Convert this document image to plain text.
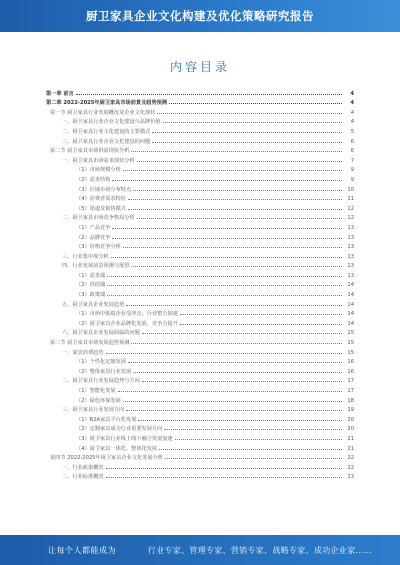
厨卫家具企业文化构建及优化策略研究报告
内容目录
第一章 前言	4
第二章 2022-2025年厨卫家具市场前景及趋势预测	4
第一节 厨卫家具行业发展概况及企业文化现状	4
一、厨卫家具行业企业文化建设与品牌价值	4
二、厨卫家具行业文化建设的主要模式	5
三、厨卫家具行业企业文化建设的问题	6
第二节 厨卫家具市场供需现状分析	6
一、厨卫家具市场需求现状分析	7
（1）市场规模分析	9
（2）需求结构	9
（3）区域市场分布特点	10
（4）消费者需求特征	11
（5）渠道及销售模式	12
二、厨卫家具市场竞争格局分析	12
（1）产品竞争	13
（2）品牌竞争	13
（3）价格竞争分析	13
三、行业集中度分析	13
四、行业发展前景预测与展望	13
（1）需求端	13
（2）供给端	14
（3）政策端	14
五、厨卫家具企业发展趋势	14
（1）市场中低端企业受冲击，行业整合加速	14
（2）厨卫家具企业品牌化发展，竞争力提升	14
六、厨卫家具企业发展面临的问题	15
第三节 厨卫家具市场发展趋势预测	15
一、家居消费趋势	15
（1）个性化定制发展	16
（2）整体家居行业发展	16
二、厨卫家具行业发展趋势与方向	17
（1）智能化发展	17
（2）绿色环保发展	18
三、厨卫家具行业发展方向	19
（1）B2A家具平台化发展	20
（2）定制家具成为行业重要发展方向	20
（3）厨卫家具行业线上线下融合发展加速	21
（4）厨卫家具一体化、整体化发展	21
第四节 2022-2025年厨卫家具企业文化发展分析	22
一、行业政策概况	22
二、行业标准概况	23
让每个人都能成为	行业专家、管理专家、营销专家、战略专家、成功企业家……
